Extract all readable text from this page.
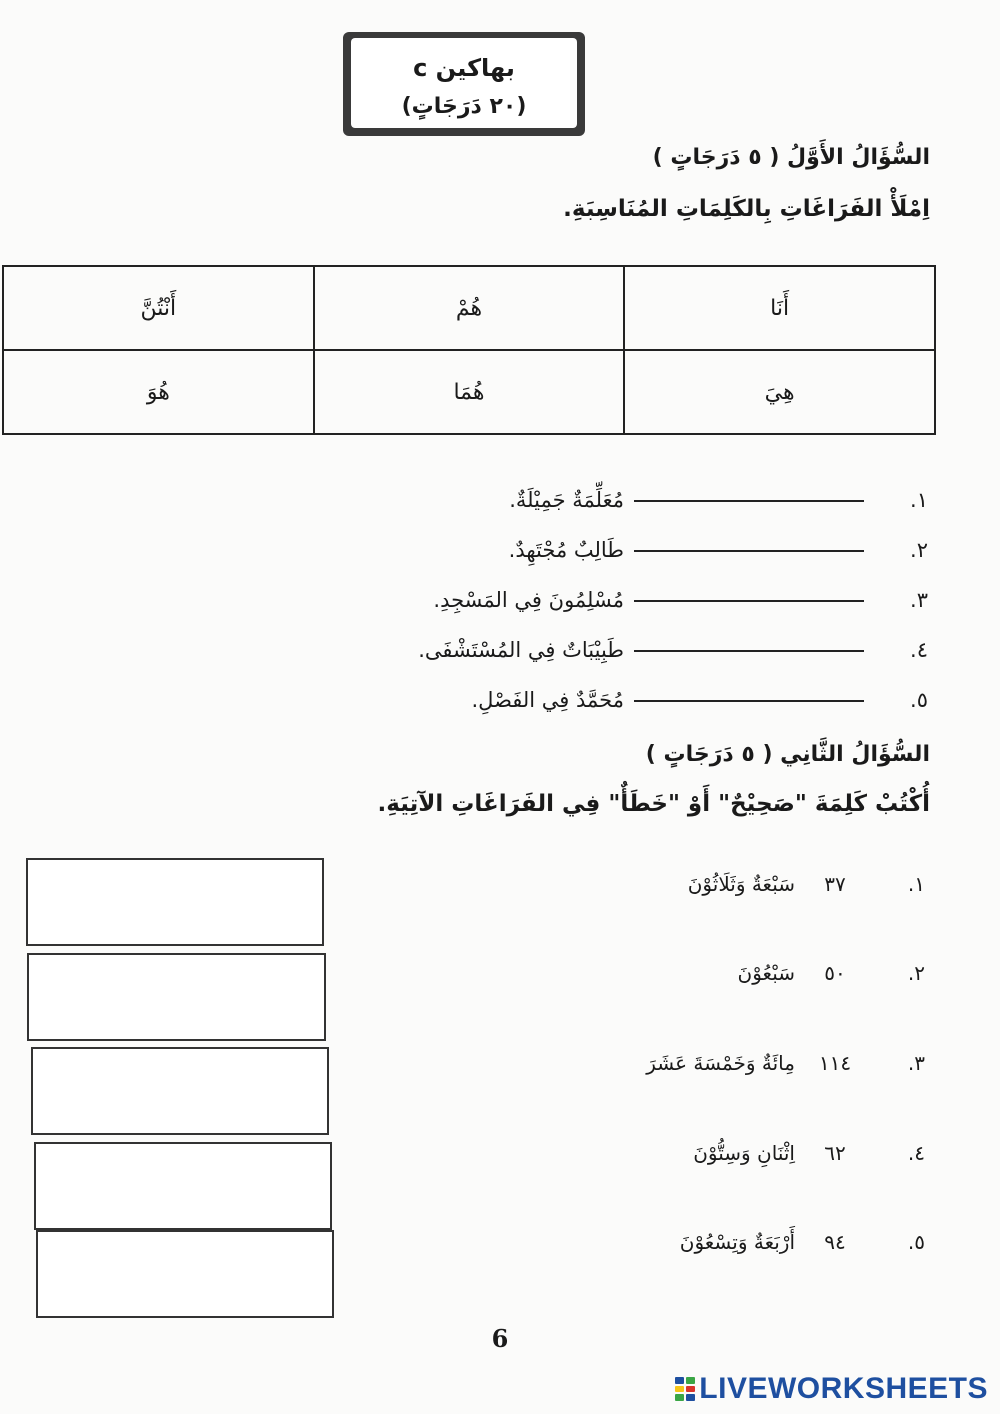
بهاكين c
(٢٠ دَرَجَاتٍ)
السُّؤَالُ الأَوَّلُ ( ٥ دَرَجَاتٍ )
اِمْلَأْ الفَرَاغَاتِ بِالكَلِمَاتِ المُنَاسِبَةِ.
أَنْتُنَّ	هُمْ	أَنَا
هُوَ	هُمَا	هِيَ
١.
مُعَلِّمَةٌ جَمِيْلَةٌ.
٢.
طَالِبٌ مُجْتَهِدٌ.
٣.
مُسْلِمُونَ فِي المَسْجِدِ.
٤.
طَبِيْبَاتٌ فِي المُسْتَشْفَى.
٥.
مُحَمَّدٌ فِي الفَصْلِ.
السُّؤَالُ الثَّانِي ( ٥ دَرَجَاتٍ )
أُكْتُبْ كَلِمَةَ "صَحِيْحٌ" أَوْ "خَطَأٌ" فِي الفَرَاغَاتِ الآتِيَةِ.
١.
٣٧
سَبْعَةٌ وَثَلَاثُوْنَ
٢.
٥٠
سَبْعُوْنَ
٣.
١١٤
مِائَةٌ وَخَمْسَةَ عَشَرَ
٤.
٦٢
اِثْنَانِ وَسِتُّوْنَ
٥.
٩٤
أَرْبَعَةٌ وَتِسْعُوْنَ
6
LIVEWORKSHEETS
